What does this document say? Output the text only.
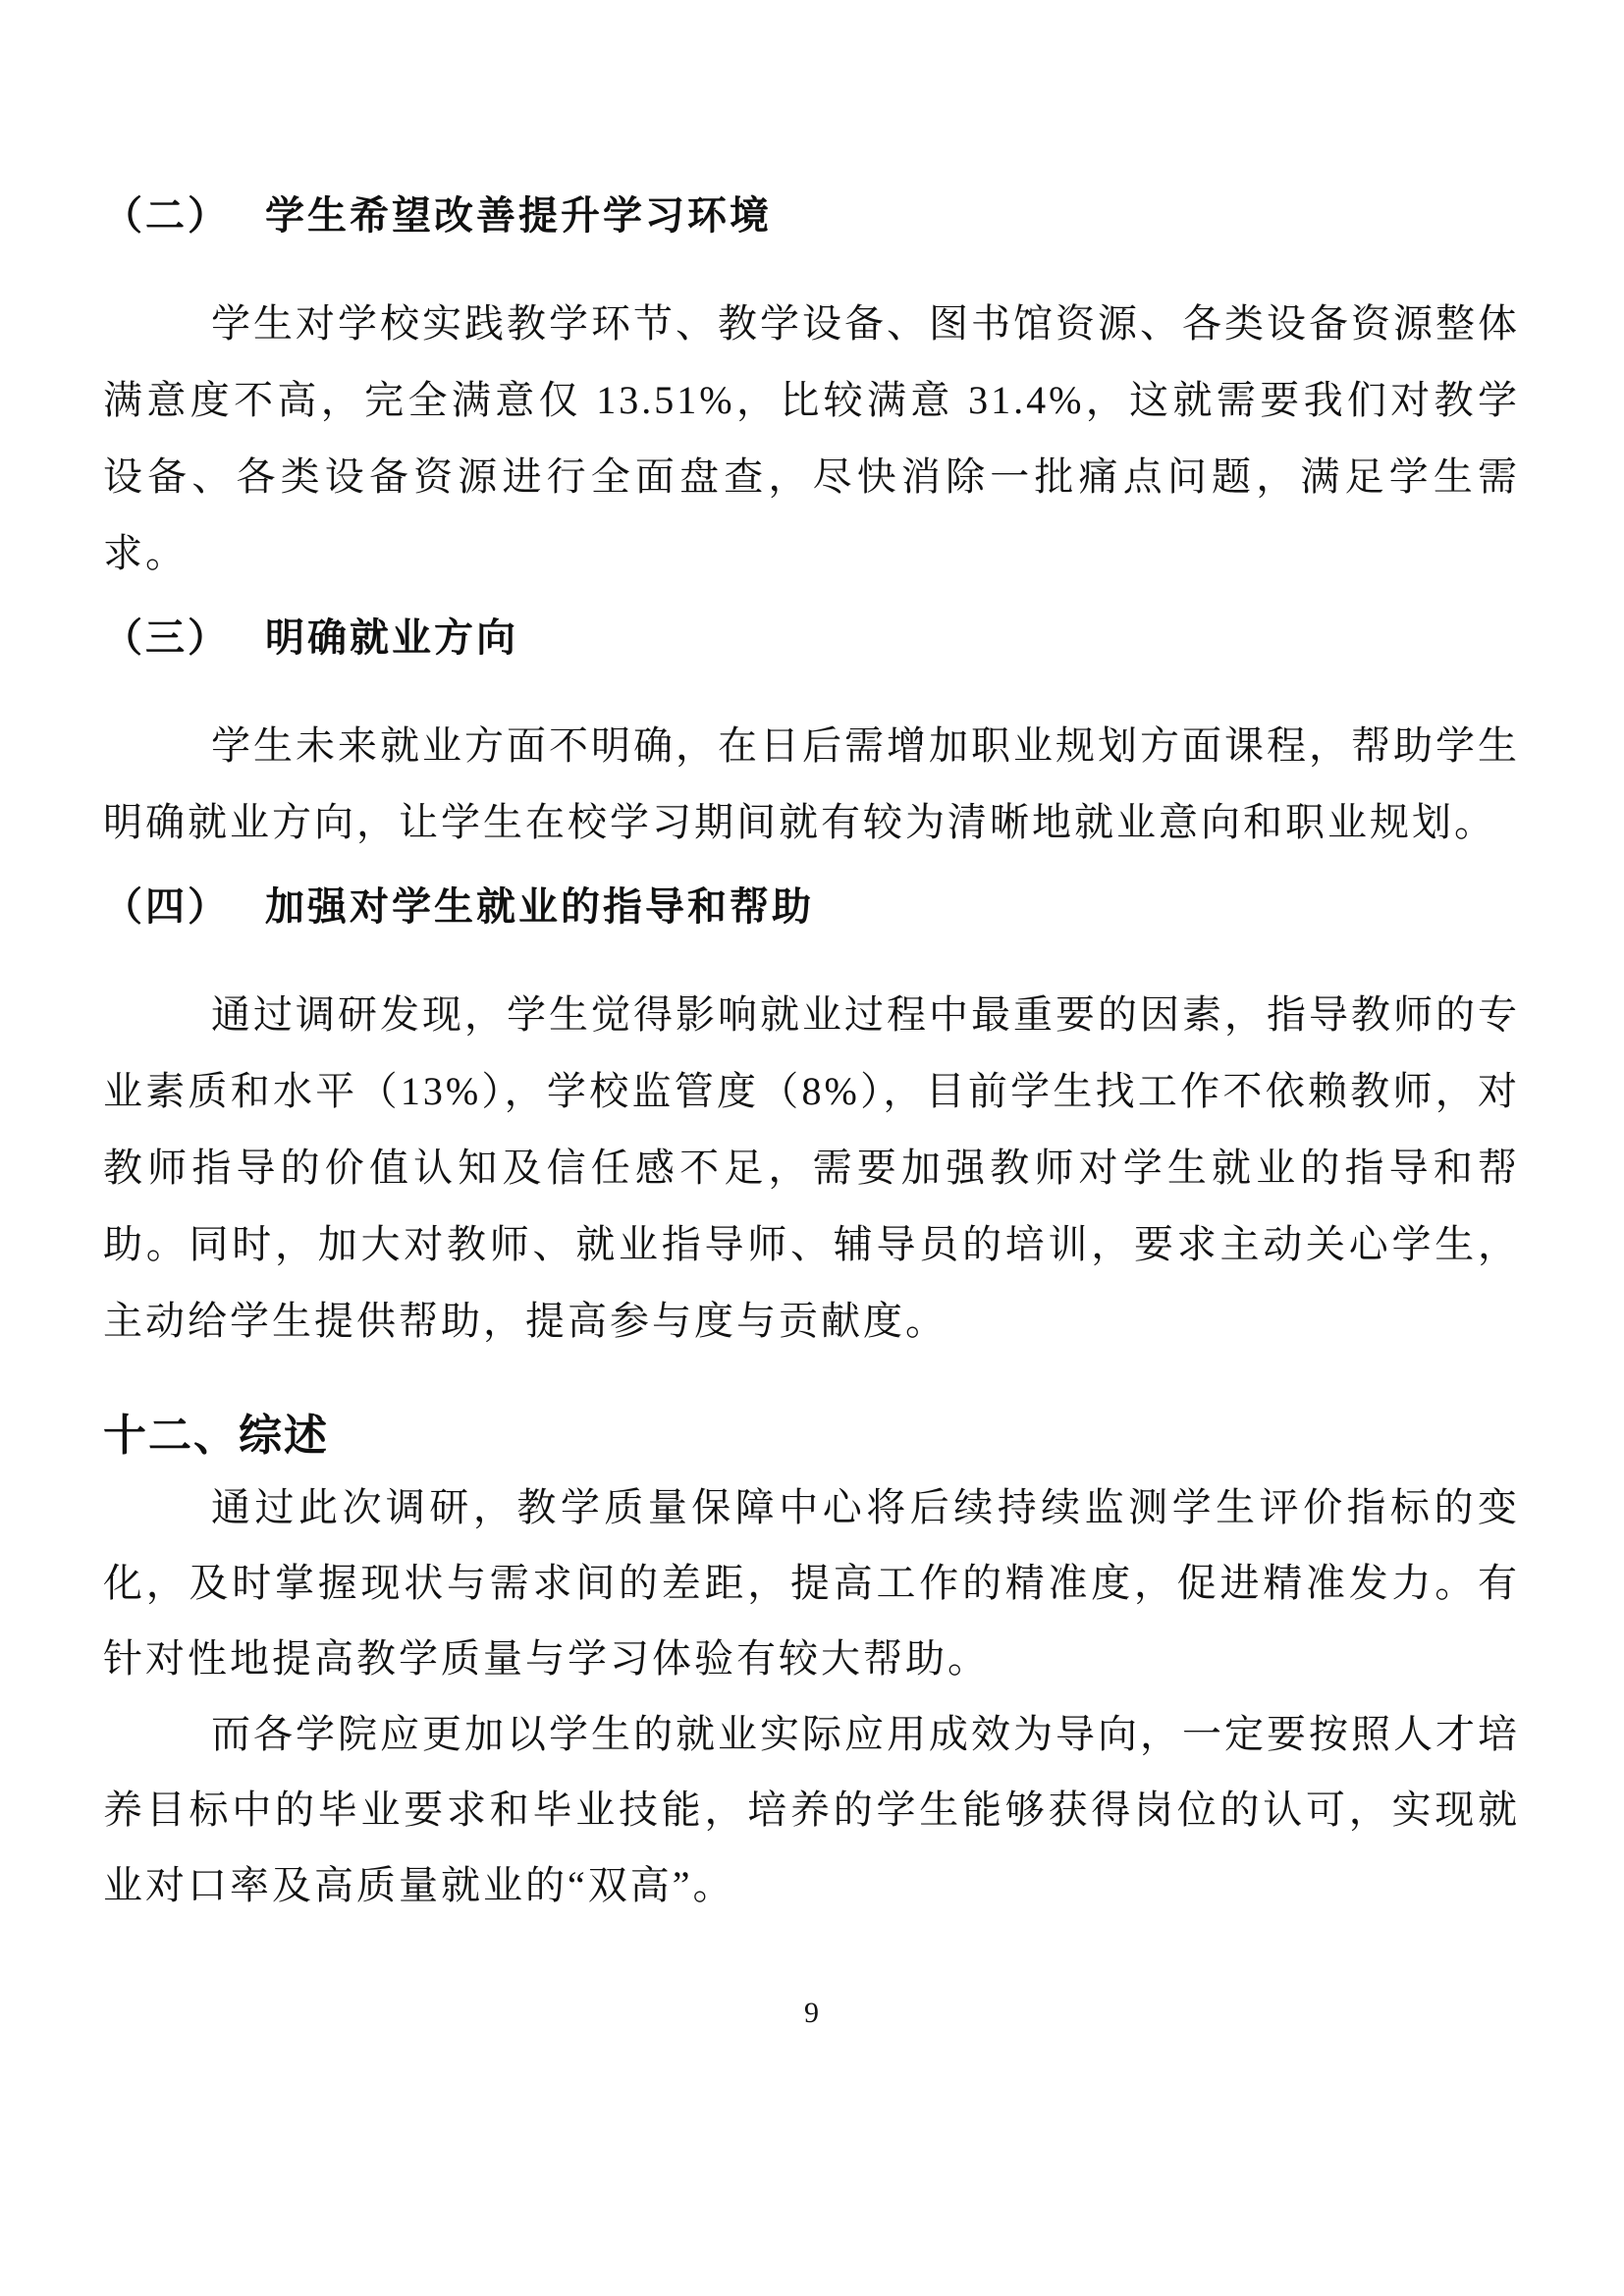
（二）　 学生希望改善提升学习环境

学生对学校实践教学环节、教学设备、图书馆资源、各类设备资源整体满意度不高，完全满意仅 13.51%，比较满意 31.4%，这就需要我们对教学设备、各类设备资源进行全面盘查，尽快消除一批痛点问题，满足学生需求。

（三）　 明确就业方向

学生未来就业方面不明确，在日后需增加职业规划方面课程，帮助学生明确就业方向，让学生在校学习期间就有较为清晰地就业意向和职业规划。

（四）　 加强对学生就业的指导和帮助

通过调研发现，学生觉得影响就业过程中最重要的因素，指导教师的专业素质和水平（13%），学校监管度（8%），目前学生找工作不依赖教师，对教师指导的价值认知及信任感不足，需要加强教师对学生就业的指导和帮助。同时，加大对教师、就业指导师、辅导员的培训，要求主动关心学生，主动给学生提供帮助，提高参与度与贡献度。

十二、综述

通过此次调研，教学质量保障中心将后续持续监测学生评价指标的变化，及时掌握现状与需求间的差距，提高工作的精准度，促进精准发力。有针对性地提高教学质量与学习体验有较大帮助。

而各学院应更加以学生的就业实际应用成效为导向，一定要按照人才培养目标中的毕业要求和毕业技能，培养的学生能够获得岗位的认可，实现就业对口率及高质量就业的“双高”。

9
